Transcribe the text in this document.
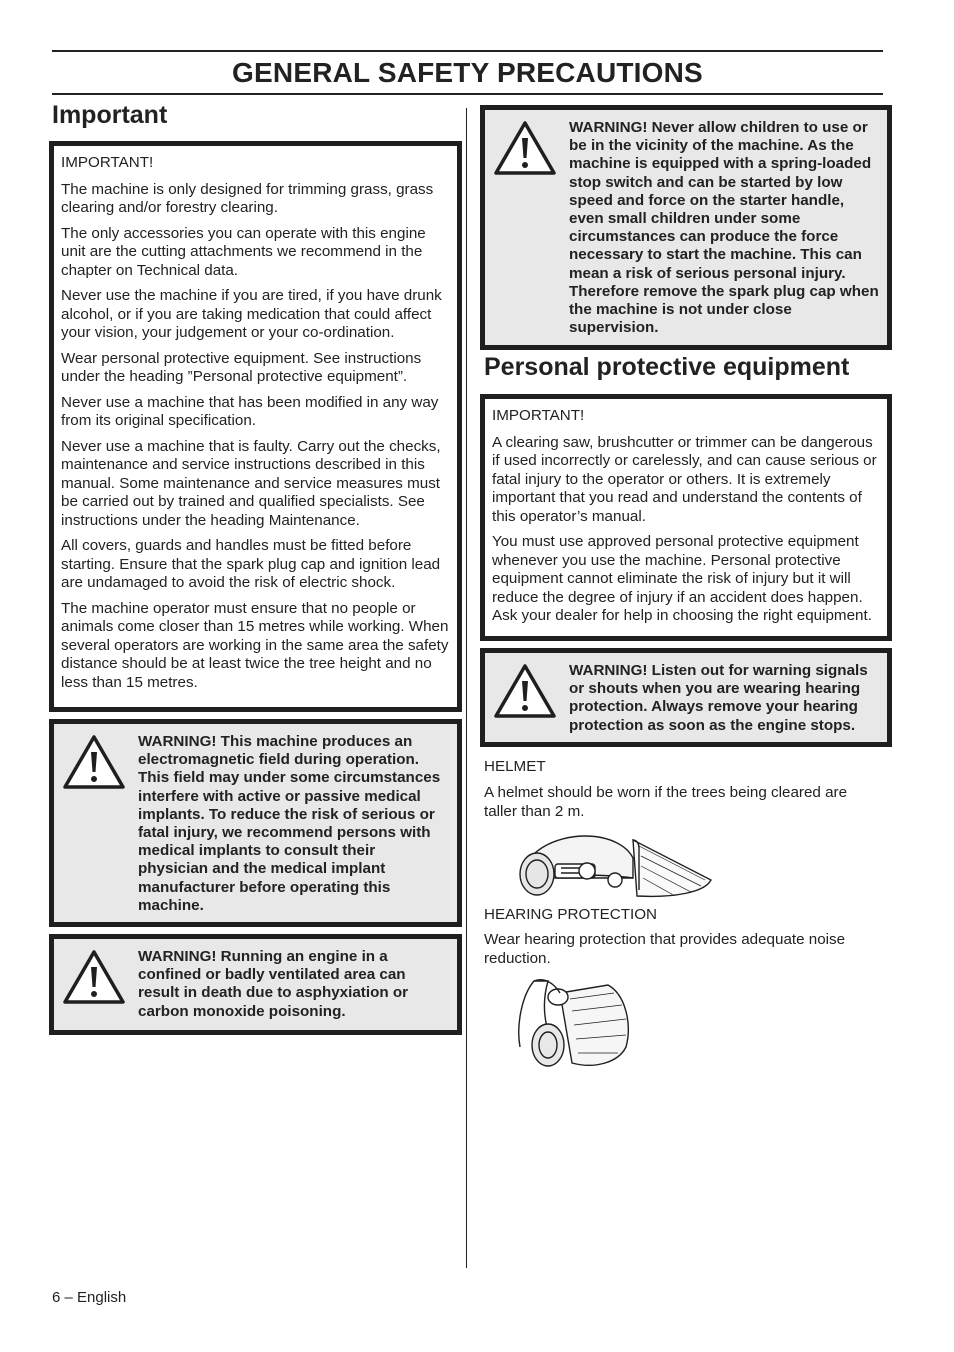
GENERAL SAFETY PRECAUTIONS
Important

IMPORTANT!

The machine is only designed for trimming grass, grass clearing and/or forestry clearing.

The only accessories you can operate with this engine unit are the cutting attachments we recommend in the chapter on Technical data.

Never use the machine if you are tired, if you have drunk alcohol, or if you are taking medication that could affect your vision, your judgement or your co-ordination.

Wear personal protective equipment. See instructions under the heading ”Personal protective equipment”.

Never use a machine that has been modified in any way from its original specification.

Never use a machine that is faulty. Carry out the checks, maintenance and service instructions described in this manual. Some maintenance and service measures must be carried out by trained and qualified specialists. See instructions under the heading Maintenance.

All covers, guards and handles must be fitted before starting. Ensure that the spark plug cap and ignition lead are undamaged to avoid the risk of electric shock.

The machine operator must ensure that no people or animals come closer than 15 metres while working. When several operators are working in the same area the safety distance should be at least twice the tree height and no less than 15 metres.

WARNING! This machine produces an electromagnetic field during operation. This field may under some circumstances interfere with active or passive medical implants. To reduce the risk of serious or fatal injury, we recommend persons with medical implants to consult their physician and the medical implant manufacturer before operating this machine.
WARNING! Running an engine in a confined or badly ventilated area can result in death due to asphyxiation or carbon monoxide poisoning.
WARNING! Never allow children to use or be in the vicinity of the machine. As the machine is equipped with a spring-loaded stop switch and can be started by low speed and force on the starter handle, even small children under some circumstances can produce the force necessary to start the machine. This can mean a risk of serious personal injury. Therefore remove the spark plug cap when the machine is not under close supervision.
Personal protective equipment

IMPORTANT!

A clearing saw, brushcutter or trimmer can be dangerous if used incorrectly or carelessly, and can cause serious or fatal injury to the operator or others. It is extremely important that you read and understand the contents of this operator’s manual.

You must use approved personal protective equipment whenever you use the machine. Personal protective equipment cannot eliminate the risk of injury but it will reduce the degree of injury if an accident does happen. Ask your dealer for help in choosing the right equipment.

WARNING! Listen out for warning signals or shouts when you are wearing hearing protection. Always remove your hearing protection as soon as the engine stops.
HELMET
A helmet should be worn if the trees being cleared are taller than 2 m.
HEARING PROTECTION
Wear hearing protection that provides adequate noise reduction.
6 – English
